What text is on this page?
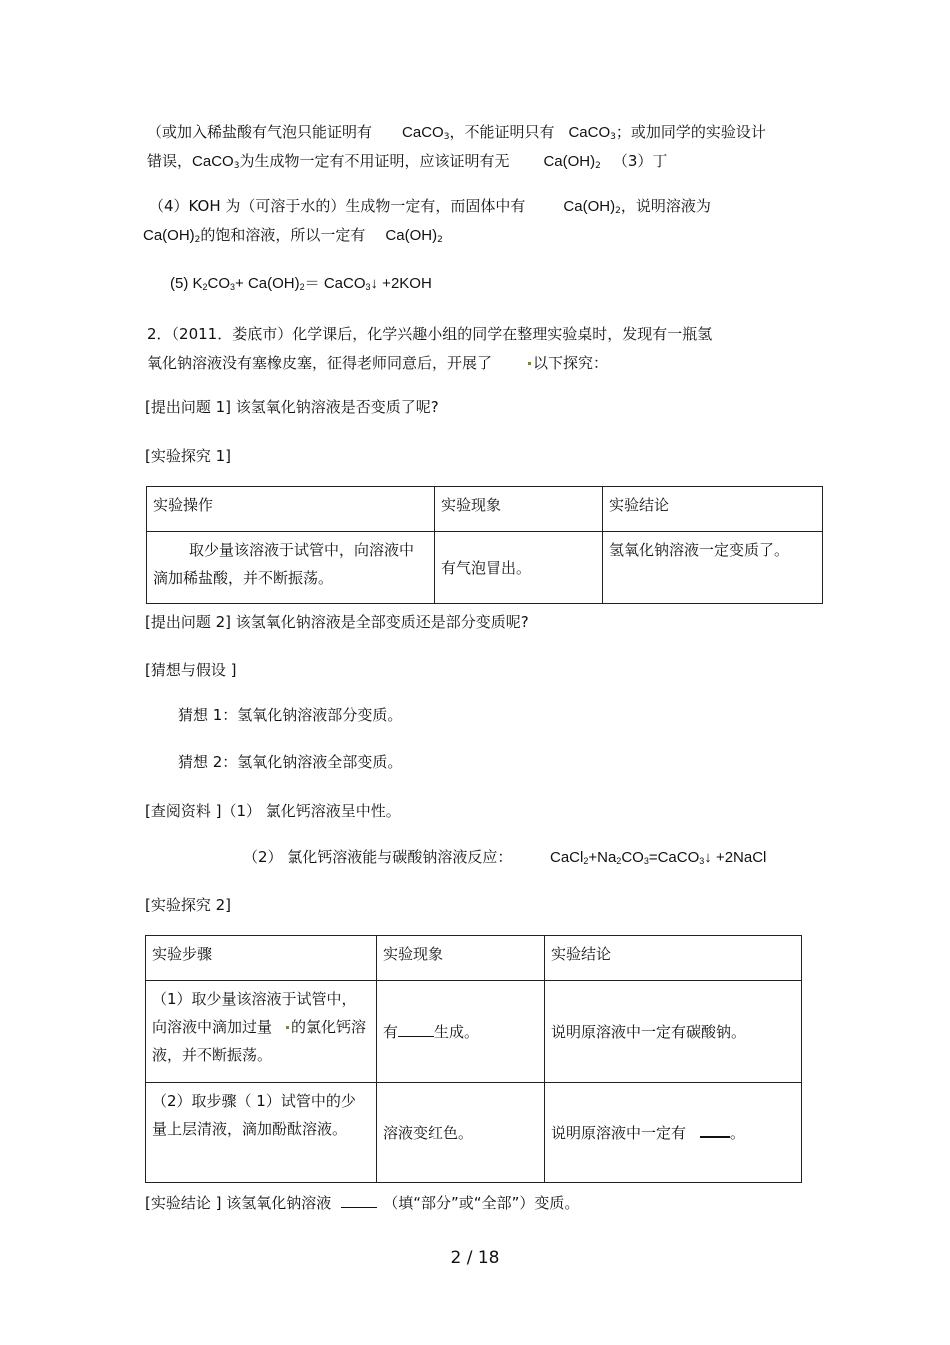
（或加入稀盐酸有气泡只能证明有 CaCO$_3$，不能证明只有 CaCO$_3$；或加同学的实验设计
错误，CaCO$_3$为生成物一定有不用证明，应该证明有无 $Ca(OH)_2$ （3）丁
（4）KOH 为（可溶于水的）生成物一定有，而固体中有	$Ca(OH)_2$，说明溶液为
$Ca(OH)_2$的饱和溶液，所以一定有 $Ca(OH)_2$
(5) $K_2CO_3+ Ca(OH)_2=$ CaCO$_3$↓ +2KOH
2．（2011．娄底市）化学课后，化学兴趣小组的同学在整理实验桌时，发现有一瓶氢
氧化钠溶液没有塞橡皮塞，征得老师同意后，开展了	以下探究：
[提出问题 1] 该氢氧化钠溶液是否变质了呢?
[实验探究 1]
实验操作	实验现象	实验结论

取少量该溶液于试管中，向溶液中滴加稀盐酸，并不断振荡。	有气泡冒出。	氢氧化钠溶液一定变质了。
[提出问题 2] 该氢氧化钠溶液是全部变质还是部分变质呢?
[猜想与假设 ]
猜想 1：氢氧化钠溶液部分变质。
猜想 2：氢氧化钠溶液全部变质。
[查阅资料 ]（1） 氯化钙溶液呈中性。
（2） 氯化钙溶液能与碳酸钠溶液反应：	$CaCl_2+Na_2CO_3=CaCO_3↓$ +2NaCl
[实验探究 2]
实验步骤	实验现象	实验结论
（1）取少量该溶液于试管中，向溶液中滴加过量 的氯化钙溶液，并不断振荡。	有 生成。	说明原溶液中一定有碳酸钠。

（2）取步骤（ 1）试管中的少量上层清液，滴加酚酞溶液。	溶液变红色。	说明原溶液中一定有 。
[实验结论 ] 该氢氧化钠溶液	（填“部分”或“全部”）变质。
2 / 18
